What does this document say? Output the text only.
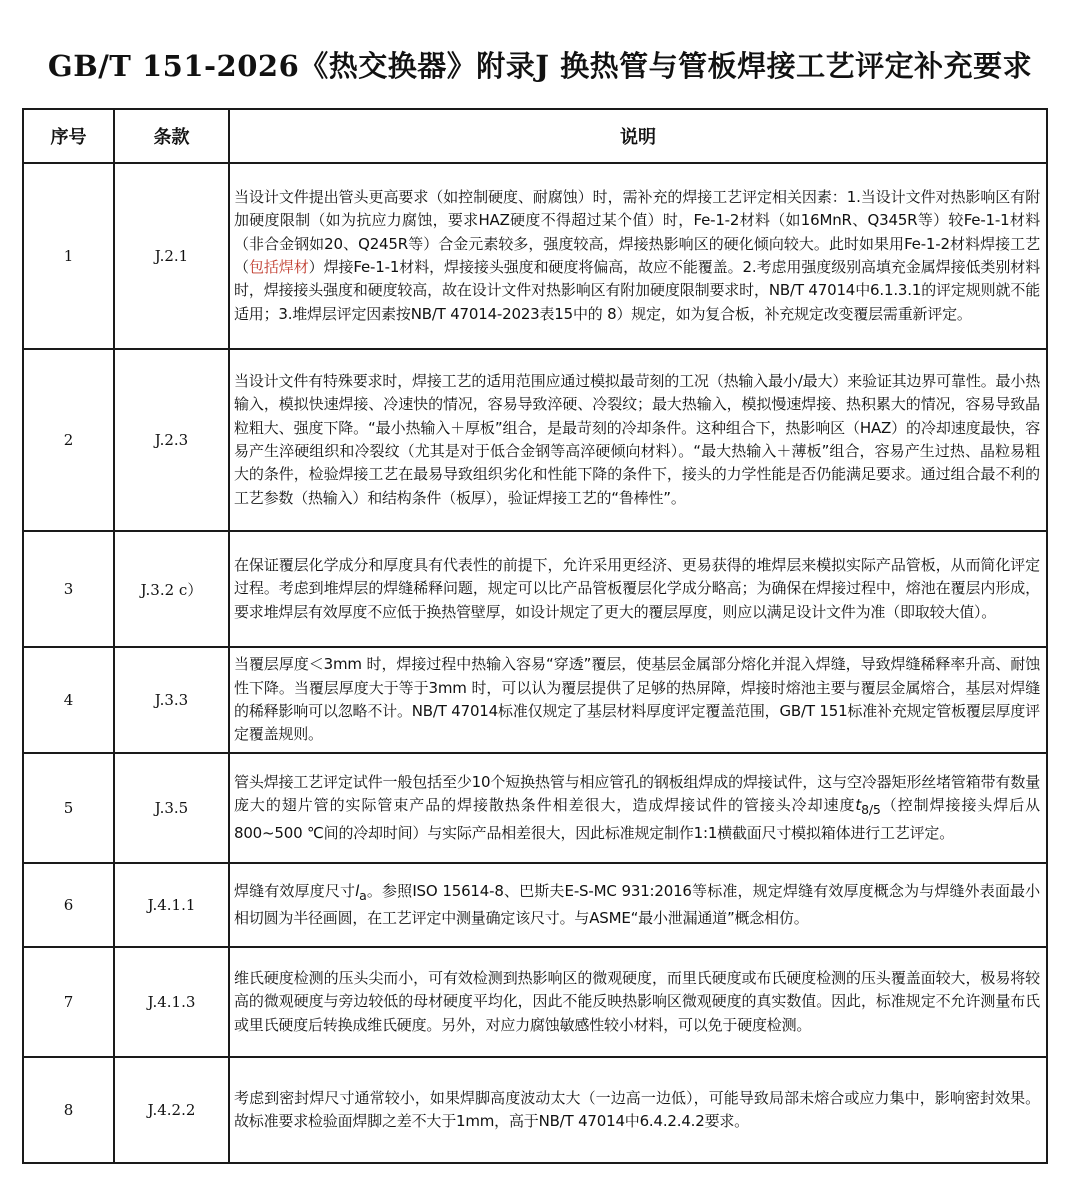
GB/T 151-2026《热交换器》附录J 换热管与管板焊接工艺评定补充要求
序号	条款	说明
1	J.2.1	当设计文件提出管头更高要求（如控制硬度、耐腐蚀）时，需补充的焊接工艺评定相关因素：1.当设计文件对热影响区有附加硬度限制（如为抗应力腐蚀，要求HAZ硬度不得超过某个值）时，Fe-1-2材料（如16MnR、Q345R等）较Fe-1-1材料（非合金钢如20、Q245R等）合金元素较多，强度较高，焊接热影响区的硬化倾向较大。此时如果用Fe-1-2材料焊接工艺（包括焊材）焊接Fe-1-1材料，焊接接头强度和硬度将偏高，故应不能覆盖。2.考虑用强度级别高填充金属焊接低类别材料时，焊接接头强度和硬度较高，故在设计文件对热影响区有附加硬度限制要求时，NB/T 47014中6.1.3.1的评定规则就不能适用；3.堆焊层评定因素按NB/T 47014-2023表15中的 8）规定，如为复合板，补充规定改变覆层需重新评定。
2	J.2.3	当设计文件有特殊要求时，焊接工艺的适用范围应通过模拟最苛刻的工况（热输入最小/最大）来验证其边界可靠性。最小热输入，模拟快速焊接、冷速快的情况，容易导致淬硬、冷裂纹；最大热输入，模拟慢速焊接、热积累大的情况，容易导致晶粒粗大、强度下降。“最小热输入＋厚板”组合，是最苛刻的冷却条件。这种组合下，热影响区（HAZ）的冷却速度最快，容易产生淬硬组织和冷裂纹（尤其是对于低合金钢等高淬硬倾向材料）。“最大热输入＋薄板”组合，容易产生过热、晶粒易粗大的条件，检验焊接工艺在最易导致组织劣化和性能下降的条件下，接头的力学性能是否仍能满足要求。通过组合最不利的工艺参数（热输入）和结构条件（板厚），验证焊接工艺的“鲁棒性”。
3	J.3.2 c）	在保证覆层化学成分和厚度具有代表性的前提下，允许采用更经济、更易获得的堆焊层来模拟实际产品管板，从而简化评定过程。考虑到堆焊层的焊缝稀释问题，规定可以比产品管板覆层化学成分略高；为确保在焊接过程中，熔池在覆层内形成，要求堆焊层有效厚度不应低于换热管壁厚，如设计规定了更大的覆层厚度，则应以满足设计文件为准（即取较大值）。
4	J.3.3	当覆层厚度＜3mm 时，焊接过程中热输入容易“穿透”覆层，使基层金属部分熔化并混入焊缝，导致焊缝稀释率升高、耐蚀性下降。当覆层厚度大于等于3mm 时，可以认为覆层提供了足够的热屏障，焊接时熔池主要与覆层金属熔合，基层对焊缝的稀释影响可以忽略不计。NB/T 47014标准仅规定了基层材料厚度评定覆盖范围，GB/T 151标准补充规定管板覆层厚度评定覆盖规则。
5	J.3.5	管头焊接工艺评定试件一般包括至少10个短换热管与相应管孔的钢板组焊成的焊接试件，这与空冷器矩形丝堵管箱带有数量庞大的翅片管的实际管束产品的焊接散热条件相差很大，造成焊接试件的管接头冷却速度$t_{8/5}$（控制焊接接头焊后从800~500 ℃间的冷却时间）与实际产品相差很大，因此标准规定制作1:1横截面尺寸模拟箱体进行工艺评定。
6	J.4.1.1	焊缝有效厚度尺寸$l_a$。参照ISO 15614-8、巴斯夫E-S-MC 931:2016等标准，规定焊缝有效厚度概念为与焊缝外表面最小相切圆为半径画圆，在工艺评定中测量确定该尺寸。与ASME“最小泄漏通道”概念相仿。
7	J.4.1.3	维氏硬度检测的压头尖而小，可有效检测到热影响区的微观硬度，而里氏硬度或布氏硬度检测的压头覆盖面较大，极易将较高的微观硬度与旁边较低的母材硬度平均化，因此不能反映热影响区微观硬度的真实数值。因此，标准规定不允许测量布氏或里氏硬度后转换成维氏硬度。另外，对应力腐蚀敏感性较小材料，可以免于硬度检测。
8	J.4.2.2	考虑到密封焊尺寸通常较小，如果焊脚高度波动太大（一边高一边低），可能导致局部未熔合或应力集中，影响密封效果。故标准要求检验面焊脚之差不大于1mm，高于NB/T 47014中6.4.2.4.2要求。
